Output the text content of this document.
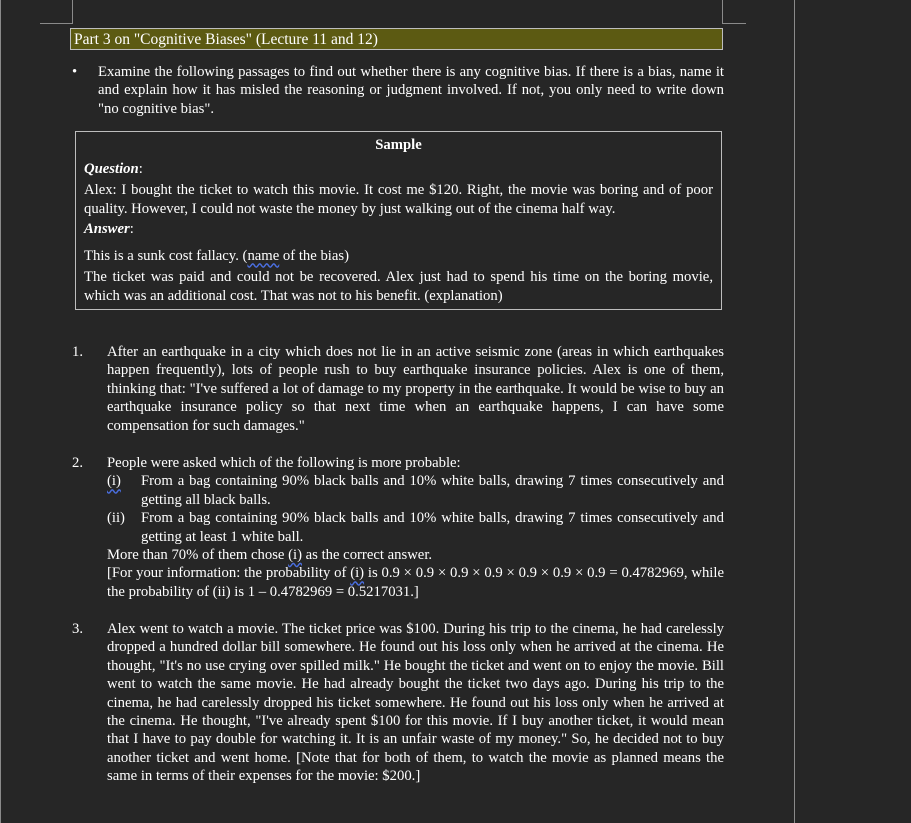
Part 3 on "Cognitive Biases" (Lecture 11 and 12)
•	Examine the following passages to find out whether there is any cognitive bias. If there is a bias, name it and explain how it has misled the reasoning or judgment involved. If not, you only need to write down "no cognitive bias".

Sample

Question:

Alex: I bought the ticket to watch this movie. It cost me $120. Right, the movie was boring and of poor quality. However, I could not waste the money by just walking out of the cinema half way.

Answer:

This is a sunk cost fallacy. (name of the bias)

The ticket was paid and could not be recovered. Alex just had to spend his time on the boring movie, which was an additional cost. That was not to his benefit. (explanation)

1. After an earthquake in a city which does not lie in an active seismic zone (areas in which earthquakes happen frequently), lots of people rush to buy earthquake insurance policies. Alex is one of them, thinking that: "I've suffered a lot of damage to my property in the earthquake. It would be wise to buy an earthquake insurance policy so that next time when an earthquake happens, I can have some compensation for such damages."
2. People were asked which of the following is more probable:
(i) From a bag containing 90% black balls and 10% white balls, drawing 7 times consecutively and getting all black balls.
(ii) From a bag containing 90% black balls and 10% white balls, drawing 7 times consecutively and getting at least 1 white ball.
More than 70% of them chose (i) as the correct answer.
[For your information: the probability of (i) is 0.9 × 0.9 × 0.9 × 0.9 × 0.9 × 0.9 × 0.9 = 0.4782969, while the probability of (ii) is 1 – 0.4782969 = 0.5217031.]
3. Alex went to watch a movie. The ticket price was $100. During his trip to the cinema, he had carelessly dropped a hundred dollar bill somewhere. He found out his loss only when he arrived at the cinema. He thought, "It's no use crying over spilled milk." He bought the ticket and went on to enjoy the movie. Bill went to watch the same movie. He had already bought the ticket two days ago. During his trip to the cinema, he had carelessly dropped his ticket somewhere. He found out his loss only when he arrived at the cinema. He thought, "I've already spent $100 for this movie. If I buy another ticket, it would mean that I have to pay double for watching it. It is an unfair waste of my money." So, he decided not to buy another ticket and went home. [Note that for both of them, to watch the movie as planned means the same in terms of their expenses for the movie: $200.]
